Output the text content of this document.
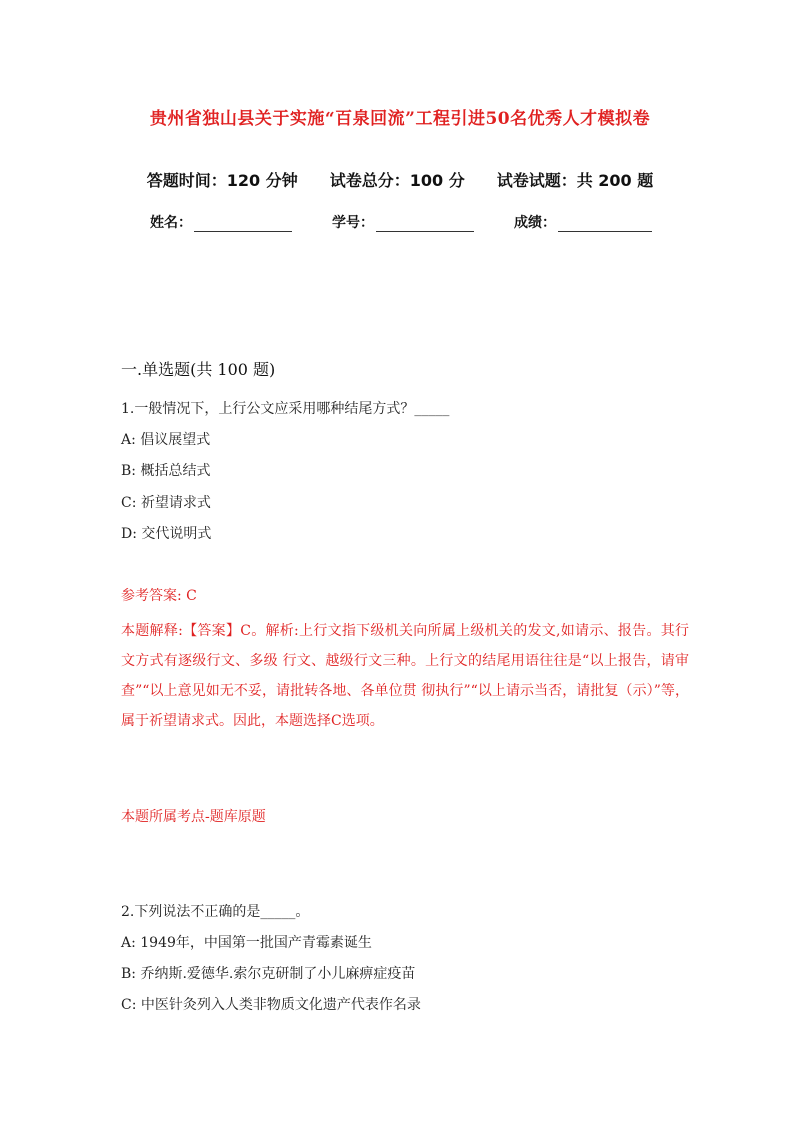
贵州省独山县关于实施“百泉回流”工程引进50名优秀人才模拟卷
答题时间：120 分钟 试卷总分：100 分 试卷试题：共 200 题
姓名：	学号：	成绩：
一.单选题(共 100 题)
1.一般情况下，上行公文应采用哪种结尾方式？_____
A: 倡议展望式
B: 概括总结式
C: 祈望请求式
D: 交代说明式
参考答案: C
本题解释:【答案】C。解析:上行文指下级机关向所属上级机关的发文,如请示、报告。其行文方式有逐级行文、多级 行文、越级行文三种。上行文的结尾用语往往是“以上报告，请审查”“以上意见如无不妥，请批转各地、各单位贯 彻执行”“以上请示当否，请批复（示）”等，属于祈望请求式。因此，本题选择C选项。
本题所属考点-题库原题
2.下列说法不正确的是_____。
A: 1949年，中国第一批国产青霉素诞生
B: 乔纳斯.爱德华.索尔克研制了小儿麻痹症疫苗
C: 中医针灸列入人类非物质文化遗产代表作名录
